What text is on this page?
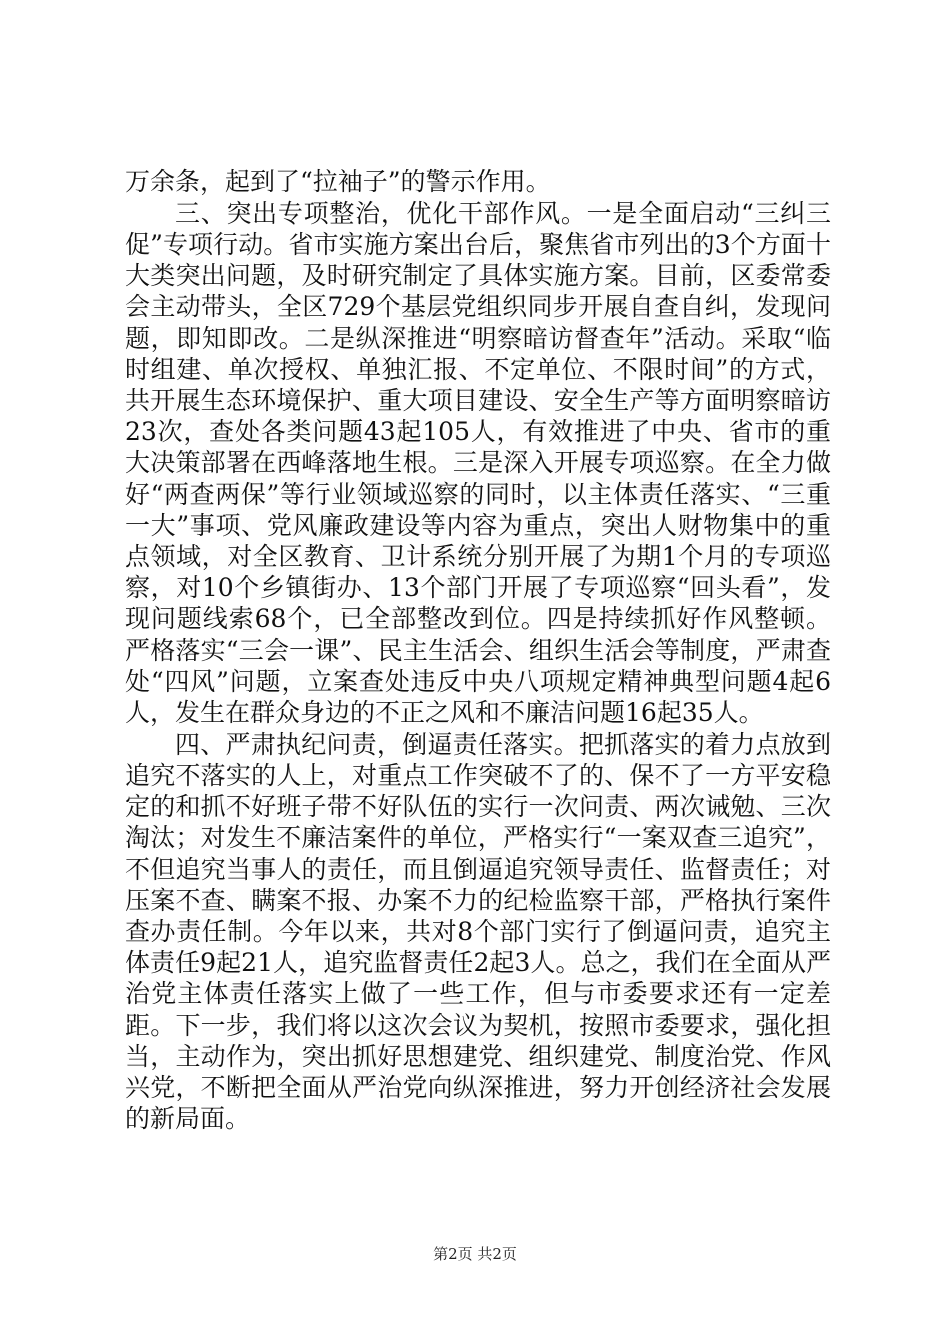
万余条，起到了“拉袖子”的警示作用。

三、突出专项整治，优化干部作风。一是全面启动“三纠三促”专项行动。省市实施方案出台后，聚焦省市列出的3个方面十大类突出问题，及时研究制定了具体实施方案。目前，区委常委会主动带头，全区729个基层党组织同步开展自查自纠，发现问题，即知即改。二是纵深推进“明察暗访督查年”活动。采取“临时组建、单次授权、单独汇报、不定单位、不限时间”的方式，共开展生态环境保护、重大项目建设、安全生产等方面明察暗访23次，查处各类问题43起105人，有效推进了中央、省市的重大决策部署在西峰落地生根。三是深入开展专项巡察。在全力做好“两查两保”等行业领域巡察的同时，以主体责任落实、“三重一大”事项、党风廉政建设等内容为重点，突出人财物集中的重点领域，对全区教育、卫计系统分别开展了为期1个月的专项巡察，对10个乡镇街办、13个部门开展了专项巡察“回头看”，发现问题线索68个，已全部整改到位。四是持续抓好作风整顿。严格落实“三会一课”、民主生活会、组织生活会等制度，严肃查处“四风”问题，立案查处违反中央八项规定精神典型问题4起6人，发生在群众身边的不正之风和不廉洁问题16起35人。

四、严肃执纪问责，倒逼责任落实。把抓落实的着力点放到追究不落实的人上，对重点工作突破不了的、保不了一方平安稳定的和抓不好班子带不好队伍的实行一次问责、两次诫勉、三次淘汰；对发生不廉洁案件的单位，严格实行“一案双查三追究”，不但追究当事人的责任，而且倒逼追究领导责任、监督责任；对压案不查、瞒案不报、办案不力的纪检监察干部，严格执行案件查办责任制。今年以来，共对8个部门实行了倒逼问责，追究主体责任9起21人，追究监督责任2起3人。总之，我们在全面从严治党主体责任落实上做了一些工作，但与市委要求还有一定差距。下一步，我们将以这次会议为契机，按照市委要求，强化担当，主动作为，突出抓好思想建党、组织建党、制度治党、作风兴党，不断把全面从严治党向纵深推进，努力开创经济社会发展的新局面。

第2页 共2页
